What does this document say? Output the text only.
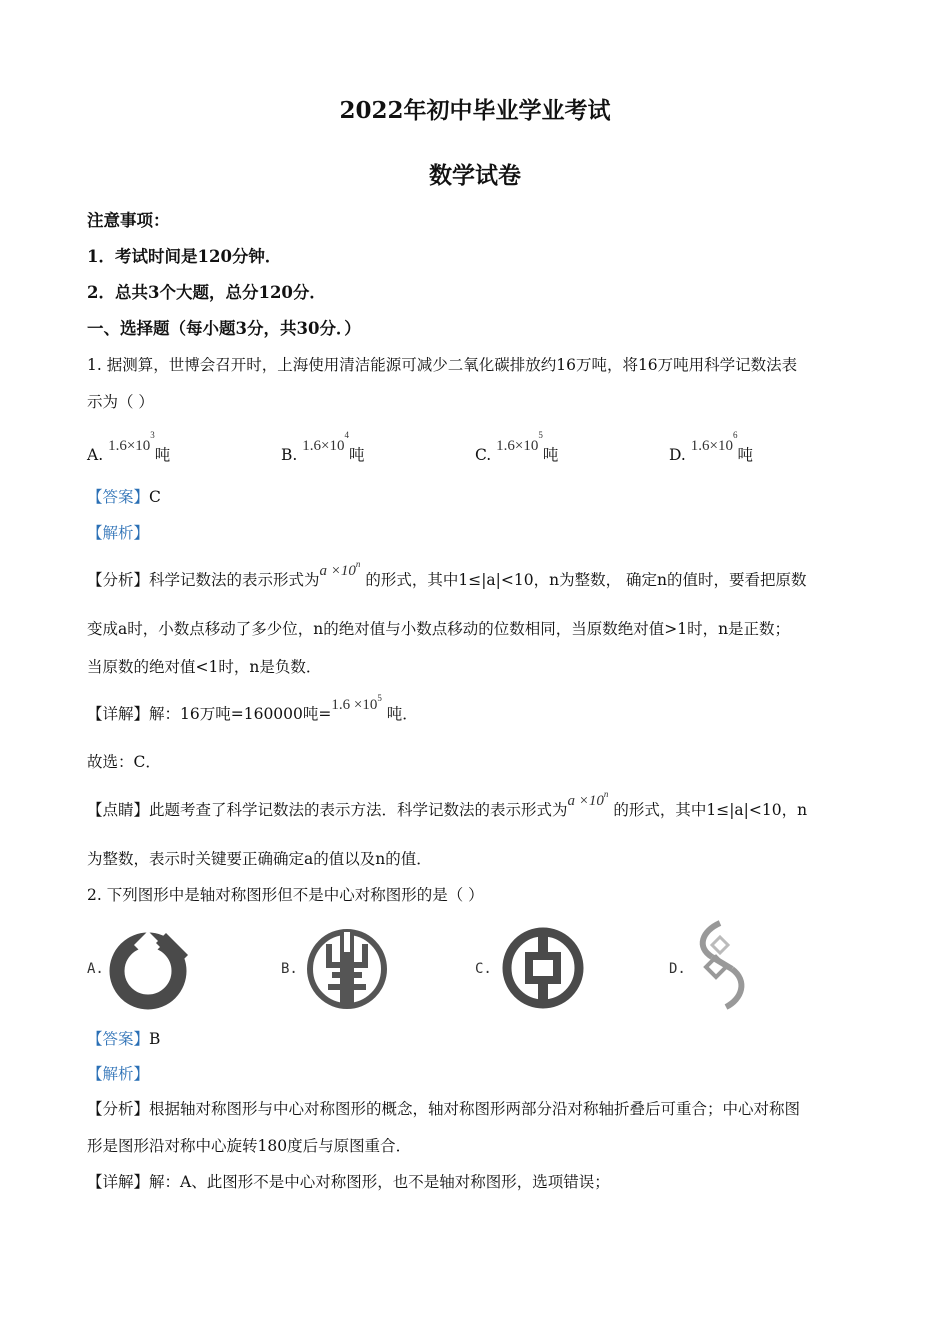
2022年初中毕业学业考试
数学试卷
注意事项：
1．考试时间是120分钟．
2．总共3个大题，总分120分．
一、选择题（每小题3分，共30分．）
1. 据测算，世博会召开时，上海使用清洁能源可减少二氧化碳排放约16万吨，将16万吨用科学记数法表
示为（ ）
A. $1.6\times 10^3$吨	B. $1.6\times 10^4$吨	C. $1.6\times 10^5$吨	D. $1.6\times 10^6$吨
【答案】C
【解析】
【分析】科学记数法的表示形式为$a \times 10^n$ 的形式，其中1≤|a|<10，n为整数， 确定n的值时，要看把原数
变成a时，小数点移动了多少位，n的绝对值与小数点移动的位数相同，当原数绝对值>1时，n是正数；
当原数的绝对值<1时，n是负数．
【详解】解：16万吨=160000吨$=1.6 \times 10^5$ 吨．
故选：C．
【点睛】此题考查了科学记数法的表示方法．科学记数法的表示形式为$a \times 10^n$ 的形式，其中1≤|a|<10，n
为整数，表示时关键要正确确定a的值以及n的值．
2. 下列图形中是轴对称图形但不是中心对称图形的是（ ）
A.	B.	C.	D.
【答案】B
【解析】
【分析】根据轴对称图形与中心对称图形的概念，轴对称图形两部分沿对称轴折叠后可重合；中心对称图
形是图形沿对称中心旋转180度后与原图重合．
【详解】解：A、此图形不是中心对称图形，也不是轴对称图形，选项错误；
